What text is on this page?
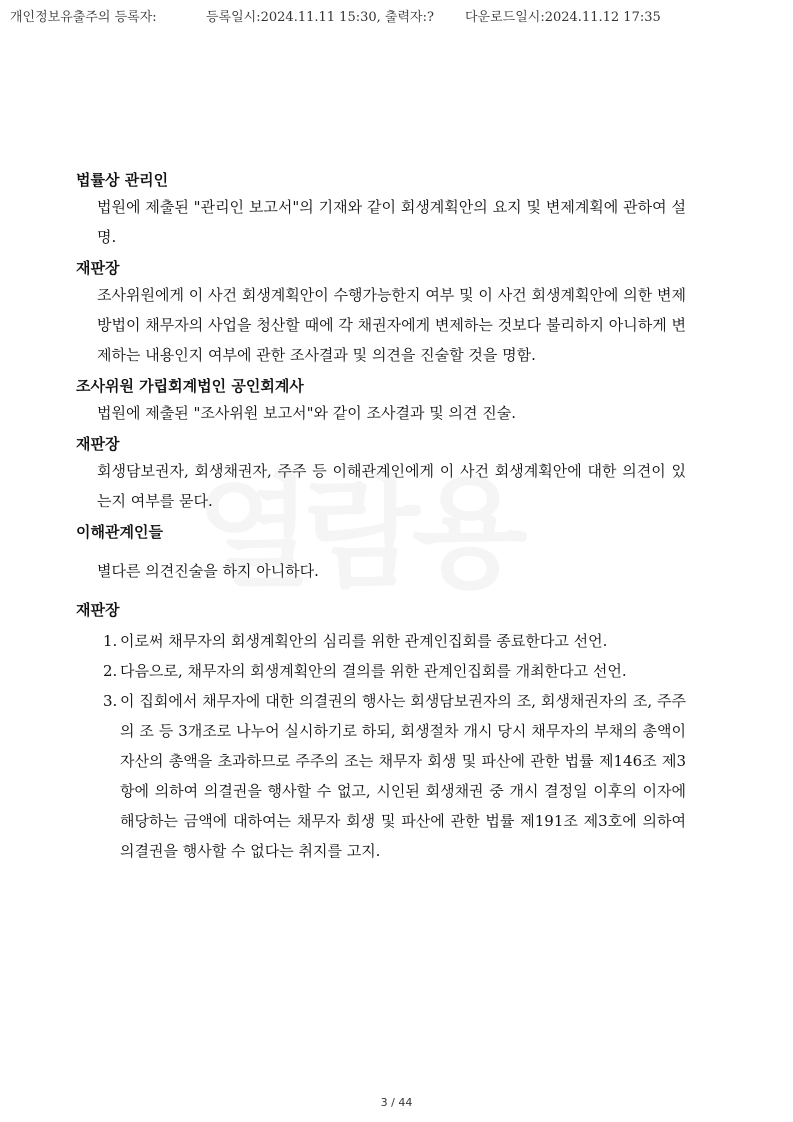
개인정보유출주의 등록자:	등록일시:2024.11.11 15:30, 출력자:? 다운로드일시:2024.11.12 17:35
법률상 관리인

법원에 제출된 "관리인 보고서"의 기재와 같이 회생계획안의 요지 및 변제계획에 관하여 설명.

재판장

조사위원에게 이 사건 회생계획안이 수행가능한지 여부 및 이 사건 회생계획안에 의한 변제방법이 채무자의 사업을 청산할 때에 각 채권자에게 변제하는 것보다 불리하지 아니하게 변제하는 내용인지 여부에 관한 조사결과 및 의견을 진술할 것을 명함.

조사위원 가립회계법인 공인회계사

법원에 제출된 "조사위원 보고서"와 같이 조사결과 및 의견 진술.

재판장

회생담보권자, 회생채권자, 주주 등 이해관계인에게 이 사건 회생계획안에 대한 의견이 있는지 여부를 묻다.

이해관계인들

별다른 의견진술을 하지 아니하다.

재판장
1. 이로써 채무자의 회생계획안의 심리를 위한 관계인집회를 종료한다고 선언.
2. 다음으로, 채무자의 회생계획안의 결의를 위한 관계인집회를 개최한다고 선언.
3. 이 집회에서 채무자에 대한 의결권의 행사는 회생담보권자의 조, 회생채권자의 조, 주주의 조 등 3개조로 나누어 실시하기로 하되, 회생절차 개시 당시 채무자의 부채의 총액이 자산의 총액을 초과하므로 주주의 조는 채무자 회생 및 파산에 관한 법률 제146조 제3항에 의하여 의결권을 행사할 수 없고, 시인된 회생채권 중 개시 결정일 이후의 이자에 해당하는 금액에 대하여는 채무자 회생 및 파산에 관한 법률 제191조 제3호에 의하여 의결권을 행사할 수 없다는 취지를 고지.
3 / 44
